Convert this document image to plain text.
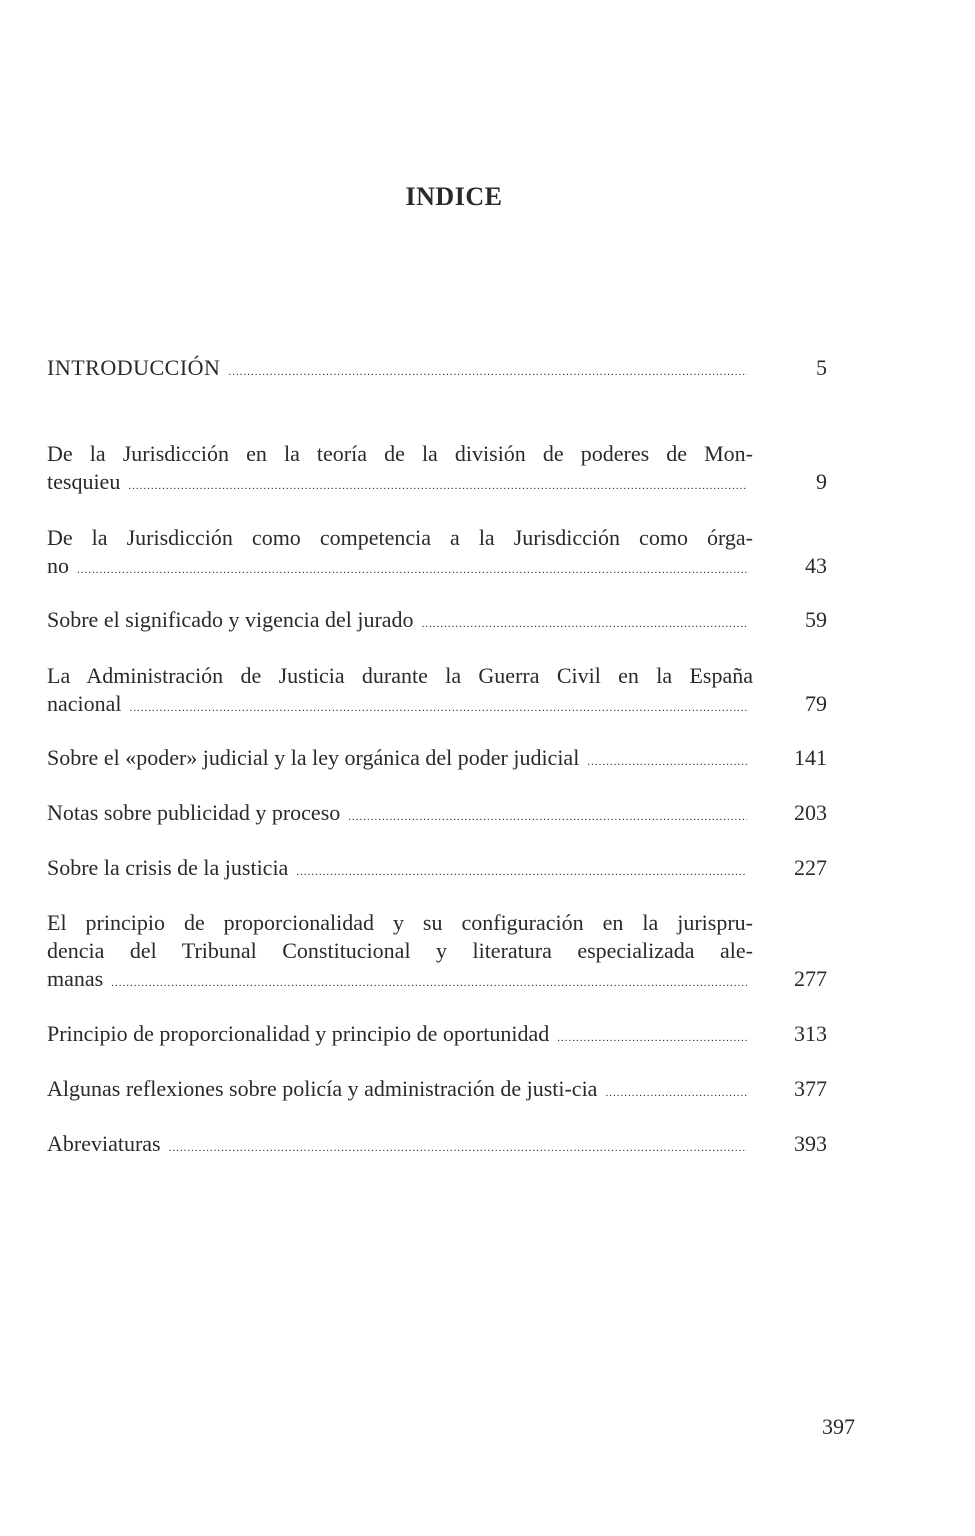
INDICE
INTRODUCCIÓN .....	5
De la Jurisdicción en la teoría de la división de poderes de Mon-
tesquieu .....	9
De la Jurisdicción como competencia a la Jurisdicción como órga-
no .....	43
Sobre el significado y vigencia del jurado .....	59
La Administración de Justicia durante la Guerra Civil en la España
nacional .....	79
Sobre el «poder» judicial y la ley orgánica del poder judicial .....	141
Notas sobre publicidad y proceso .....	203
Sobre la crisis de la justicia .....	227
El principio de proporcionalidad y su configuración en la jurispru-
dencia del Tribunal Constitucional y literatura especializada ale-
manas .....	277
Principio de proporcionalidad y principio de oportunidad .....	313
Algunas reflexiones sobre policía y administración de justi-cia .....	377
Abreviaturas .....	393
397
